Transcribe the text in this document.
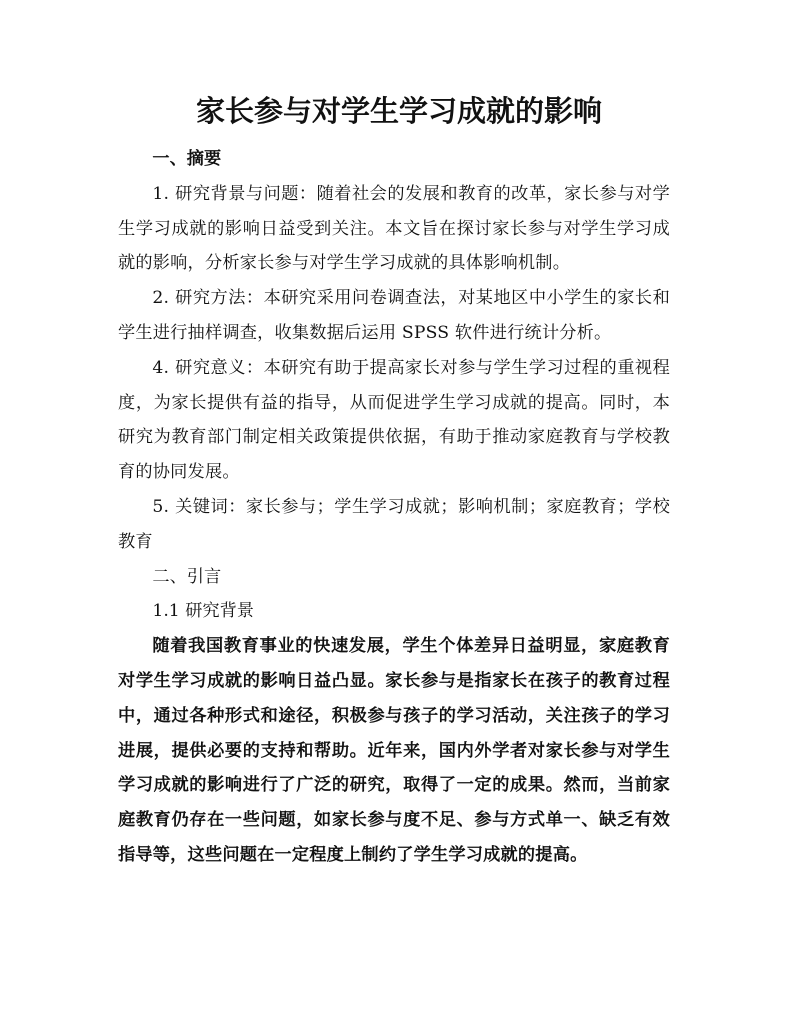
家长参与对学生学习成就的影响

一、摘要

1. 研究背景与问题：随着社会的发展和教育的改革，家长参与对学生学习成就的影响日益受到关注。本文旨在探讨家长参与对学生学习成就的影响，分析家长参与对学生学习成就的具体影响机制。

2. 研究方法：本研究采用问卷调查法，对某地区中小学生的家长和学生进行抽样调查，收集数据后运用 SPSS 软件进行统计分析。

4. 研究意义：本研究有助于提高家长对参与学生学习过程的重视程度，为家长提供有益的指导，从而促进学生学习成就的提高。同时，本研究为教育部门制定相关政策提供依据，有助于推动家庭教育与学校教育的协同发展。

5. 关键词：家长参与；学生学习成就；影响机制；家庭教育；学校教育

二、引言

1.1 研究背景

随着我国教育事业的快速发展，学生个体差异日益明显，家庭教育对学生学习成就的影响日益凸显。家长参与是指家长在孩子的教育过程中，通过各种形式和途径，积极参与孩子的学习活动，关注孩子的学习进展，提供必要的支持和帮助。近年来，国内外学者对家长参与对学生学习成就的影响进行了广泛的研究，取得了一定的成果。然而，当前家庭教育仍存在一些问题，如家长参与度不足、参与方式单一、缺乏有效指导等，这些问题在一定程度上制约了学生学习成就的提高。
